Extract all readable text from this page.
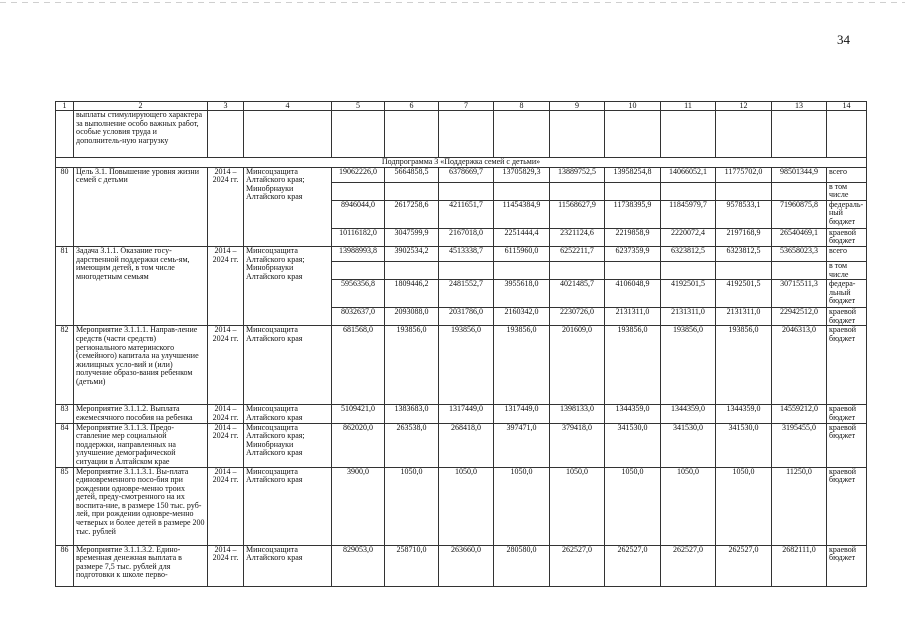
34
1	2	3	4	5	6	7	8	9	10	11	12	13	14
	выплаты стимулирующего характера за выполнение особо важных работ, особые условия труда и дополнитель-ную нагрузку												
Подпрограмма 3 «Поддержка семей с детьми»													
80	Цель 3.1. Повышение уровня жизни семей с детьми	2014 – 2024 гг.	Минсоцзащита Алтайского края; Минобрнауки Алтайского края	19062226,0	5664858,5	6378669,7	13705829,3	13889752,5	13958254,8	14066052,1	11775702,0	98501344,9	всего
													в том числе
				8946044,0	2617258,6	4211651,7	11454384,9	11568627,9	11738395,9	11845979,7	9578533,1	71960875,8	федераль-ный бюджет
				10116182,0	3047599,9	2167018,0	2251444,4	2321124,6	2219858,9	2220072,4	2197168,9	26540469,1	краевой бюджет
81	Задача 3.1.1. Оказание госу-дарственной поддержки семь-ям, имеющим детей, в том числе многодетным семьям	2014 – 2024 гг.	Минсоцзащита Алтайского края; Минобрнауки Алтайского края	13988993,8	3902534,2	4513338,7	6115960,0	6252211,7	6237359,9	6323812,5	6323812,5	53658023,3	всего
													в том числе
				5956356,8	1809446,2	2481552,7	3955618,0	4021485,7	4106048,9	4192501,5	4192501,5	30715511,3	федера-льный бюджет
				8032637,0	2093088,0	2031786,0	2160342,0	2230726,0	2131311,0	2131311,0	2131311,0	22942512,0	краевой бюджет
82	Мероприятие 3.1.1.1. Направ-ление средств (части средств) регионального материнского (семейного) капитала на улучшение жилищных усло-вий и (или) получение образо-вания ребенком (детьми)	2014 – 2024 гг.	Минсоцзащита Алтайского края	681568,0	193856,0	193856,0	193856,0	201609,0	193856,0	193856,0	193856,0	2046313,0	краевой бюджет
83	Мероприятие 3.1.1.2. Выплата ежемесячного пособия на ребенка	2014 – 2024 гг.	Минсоцзащита Алтайского края	5109421,0	1383683,0	1317449,0	1317449,0	1398133,0	1344359,0	1344359,0	1344359,0	14559212,0	краевой бюджет
84	Мероприятие 3.1.1.3. Предо-ставление мер социальной поддержки, направленных на улучшение демографической ситуации в Алтайском крае	2014 – 2024 гг.	Минсоцзащита Алтайского края; Минобрнауки Алтайского края	862020,0	263538,0	268418,0	397471,0	379418,0	341530,0	341530,0	341530,0	3195455,0	краевой бюджет
85	Мероприятие 3.1.1.3.1. Вы-плата единовременного посо-бия при рождении одновре-менно троих детей, преду-смотренного на их воспита-ние, в размере 150 тыс. руб-лей, при рождении одновре-менно четверых и более детей в размере 200 тыс. рублей	2014 – 2024 гг.	Минсоцзащита Алтайского края	3900,0	1050,0	1050,0	1050,0	1050,0	1050,0	1050,0	1050,0	11250,0	краевой бюджет
86	Мероприятие 3.1.1.3.2. Едино-временная денежная выплата в размере 7,5 тыс. рублей для подготовки к школе перво-	2014 – 2024 гг.	Минсоцзащита Алтайского края	829053,0	258710,0	263660,0	280580,0	262527,0	262527,0	262527,0	262527,0	2682111,0	краевой бюджет
